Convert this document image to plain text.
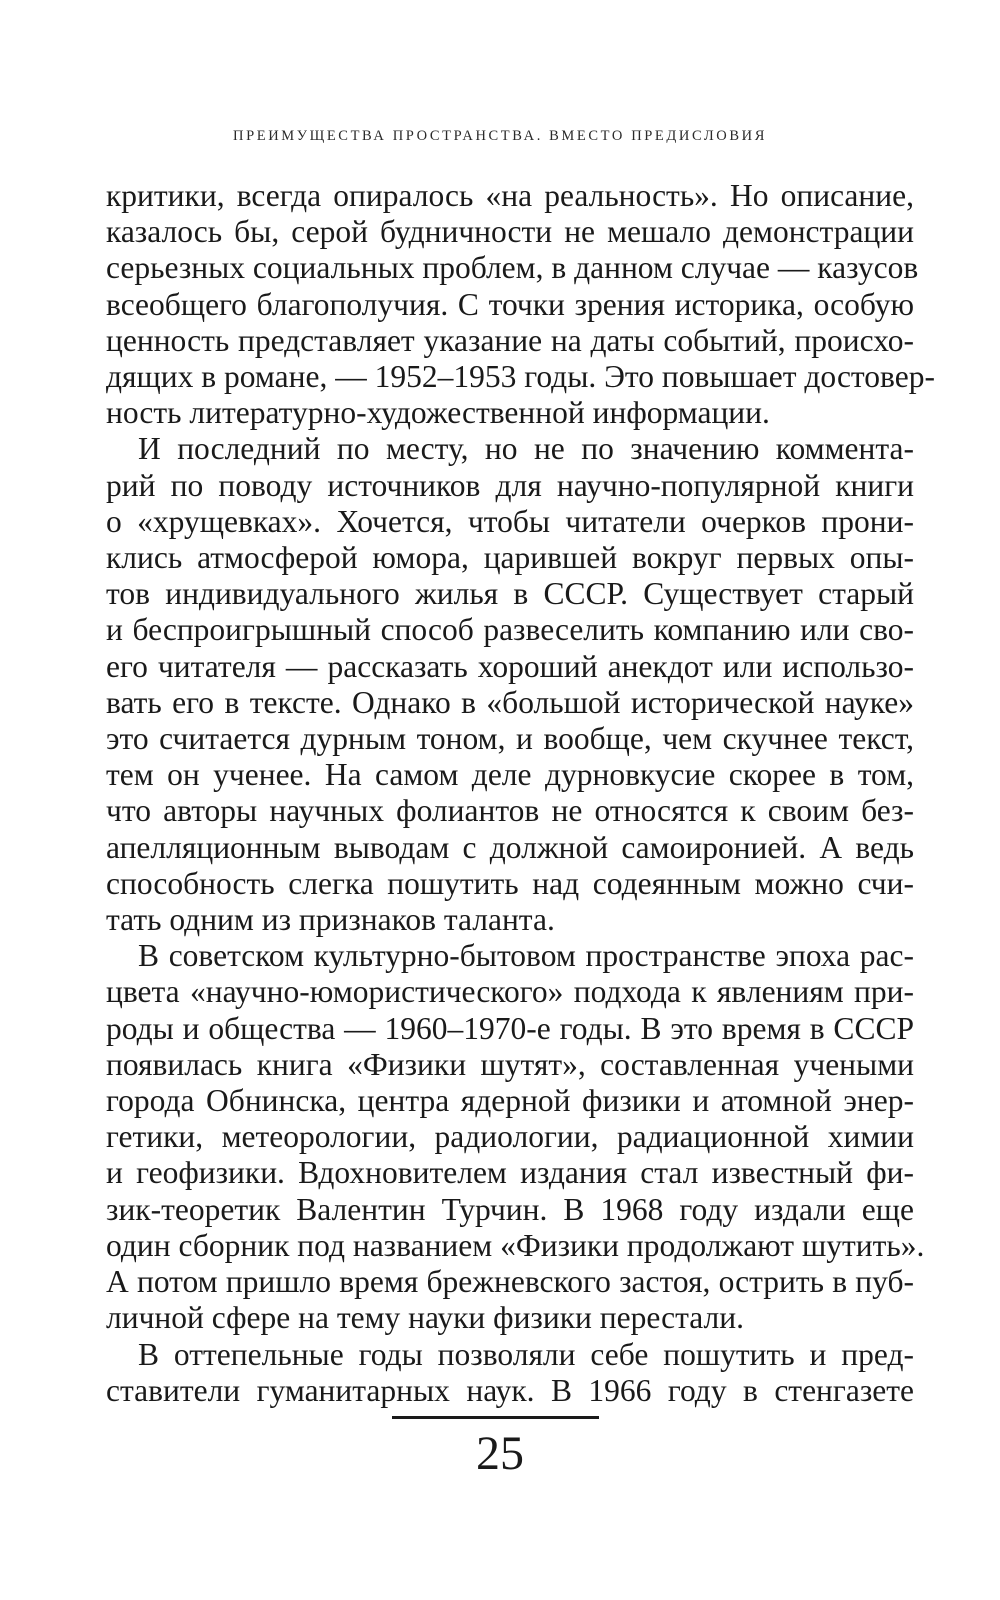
ПРЕИМУЩЕСТВА ПРОСТРАНСТВА. ВМЕСТО ПРЕДИСЛОВИЯ

критики, всегда опиралось «на реальность». Но описание,
казалось бы, серой будничности не мешало демонстрации
серьезных социальных проблем, в данном случае — казусов
всеобщего благополучия. С точки зрения историка, особую
ценность представляет указание на даты событий, происхо-
дящих в романе, — 1952–1953 годы. Это повышает достовер-
ность литературно-художественной информации.

И последний по месту, но не по значению коммента-
рий по поводу источников для научно-популярной книги
о «хрущевках». Хочется, чтобы читатели очерков прони-
клись атмосферой юмора, царившей вокруг первых опы-
тов индивидуального жилья в СССР. Существует старый
и беспроигрышный способ развеселить компанию или сво-
его читателя — рассказать хороший анекдот или использо-
вать его в тексте. Однако в «большой исторической науке»
это считается дурным тоном, и вообще, чем скучнее текст,
тем он ученее. На самом деле дурновкусие скорее в том,
что авторы научных фолиантов не относятся к своим без-
апелляционным выводам с должной самоиронией. А ведь
способность слегка пошутить над содеянным можно счи-
тать одним из признаков таланта.

В советском культурно-бытовом пространстве эпоха рас-
цвета «научно-юмористического» подхода к явлениям при-
роды и общества — 1960–1970-е годы. В это время в СССР
появилась книга «Физики шутят», составленная учеными
города Обнинска, центра ядерной физики и атомной энер-
гетики, метеорологии, радиологии, радиационной химии
и геофизики. Вдохновителем издания стал известный фи-
зик-теоретик Валентин Турчин. В 1968 году издали еще
один сборник под названием «Физики продолжают шутить».
А потом пришло время брежневского застоя, острить в пуб-
личной сфере на тему науки физики перестали.

В оттепельные годы позволяли себе пошутить и пред-
ставители гуманитарных наук. В 1966 году в стенгазете

25
